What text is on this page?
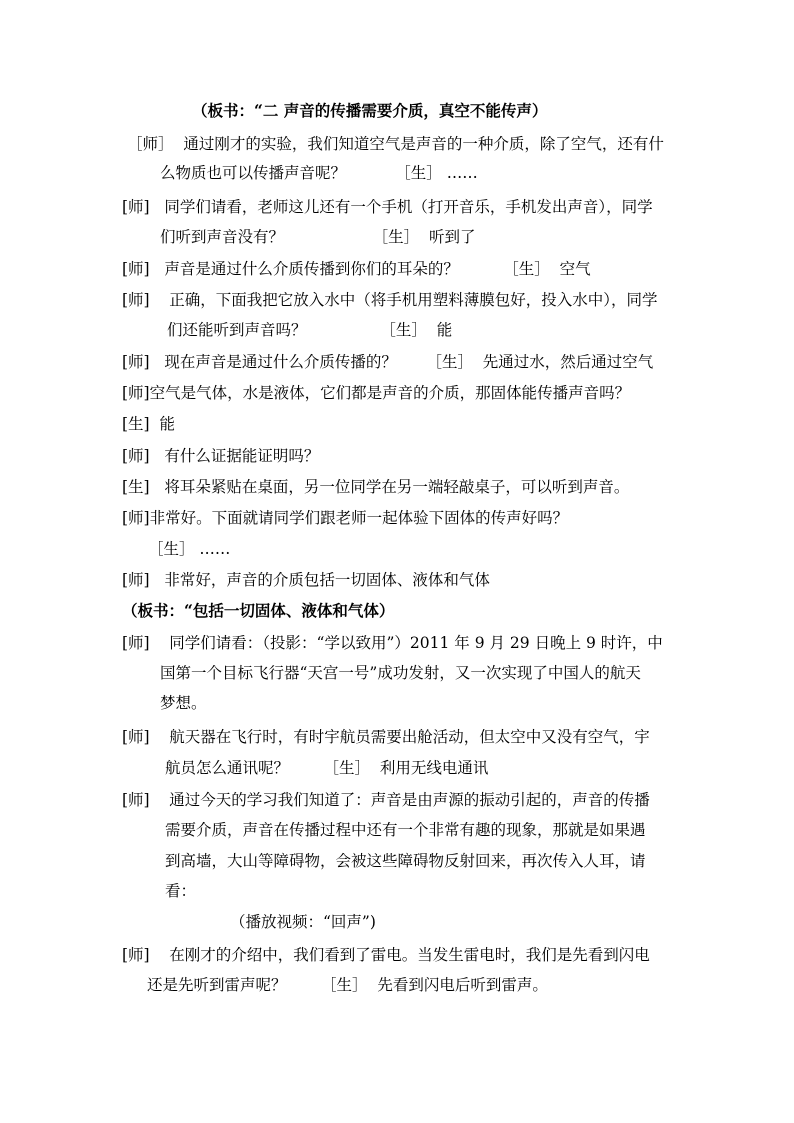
（板书：“二 声音的传播需要介质，真空不能传声）
［师］  通过刚才的实验，我们知道空气是声音的一种介质，除了空气，还有什
么物质也可以传播声音呢？          ［生］ ……
[师]   同学们请看，老师这儿还有一个手机（打开音乐，手机发出声音），同学
们听到声音没有？                  ［生］  听到了
[师]   声音是通过什么介质传播到你们的耳朵的？         ［生］  空气
[师]    正确，下面我把它放入水中（将手机用塑料薄膜包好，投入水中），同学
们还能听到声音吗？               ［生］  能
[师]   现在声音是通过什么介质传播的？      ［生］  先通过水，然后通过空气
[师]空气是气体，水是液体，它们都是声音的介质，那固体能传播声音吗？
[生]  能
[师]   有什么证据能证明吗？
[生]   将耳朵紧贴在桌面，另一位同学在另一端轻敲桌子，可以听到声音。
[师]非常好。下面就请同学们跟老师一起体验下固体的传声好吗？
［生］ ……
[师]   非常好，声音的介质包括一切固体、液体和气体
（板书：“包括一切固体、液体和气体）
[师]    同学们请看：（投影：“学以致用”）2011 年 9 月 29 日晚上 9 时许，中
国第一个目标飞行器“天宫一号”成功发射，又一次实现了中国人的航天
梦想。
[师]    航天器在飞行时，有时宇航员需要出舱活动，但太空中又没有空气，宇
航员怎么通讯呢？       ［生］  利用无线电通讯
[师]    通过今天的学习我们知道了：声音是由声源的振动引起的，声音的传播
需要介质，声音在传播过程中还有一个非常有趣的现象，那就是如果遇
到高墙，大山等障碍物，会被这些障碍物反射回来，再次传入人耳，请
看：
（播放视频：“回声”)
[师]    在刚才的介绍中，我们看到了雷电。当发生雷电时，我们是先看到闪电
还是先听到雷声呢？       ［生］  先看到闪电后听到雷声。
